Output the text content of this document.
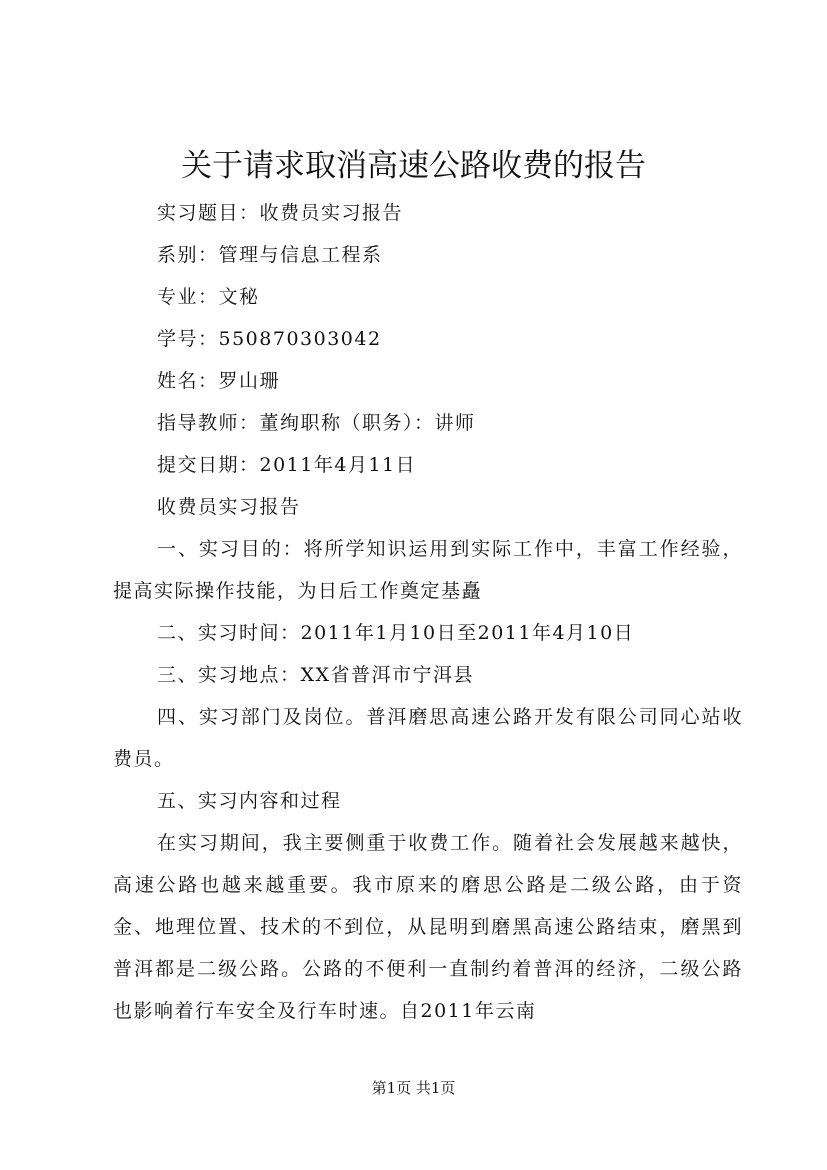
关于请求取消高速公路收费的报告

实习题目：收费员实习报告

系别：管理与信息工程系

专业：文秘

学号：550870303042

姓名：罗山珊

指导教师：董绚职称（职务）：讲师

提交日期：2011年4月11日

收费员实习报告

一、实习目的：将所学知识运用到实际工作中，丰富工作经验，提高实际操作技能，为日后工作奠定基矗

二、实习时间：2011年1月10日至2011年4月10日

三、实习地点：XX省普洱市宁洱县

四、实习部门及岗位。普洱磨思高速公路开发有限公司同心站收费员。

五、实习内容和过程

在实习期间，我主要侧重于收费工作。随着社会发展越来越快，高速公路也越来越重要。我市原来的磨思公路是二级公路，由于资金、地理位置、技术的不到位，从昆明到磨黑高速公路结束，磨黑到普洱都是二级公路。公路的不便利一直制约着普洱的经济，二级公路也影响着行车安全及行车时速。自2011年云南

第1页 共1页
